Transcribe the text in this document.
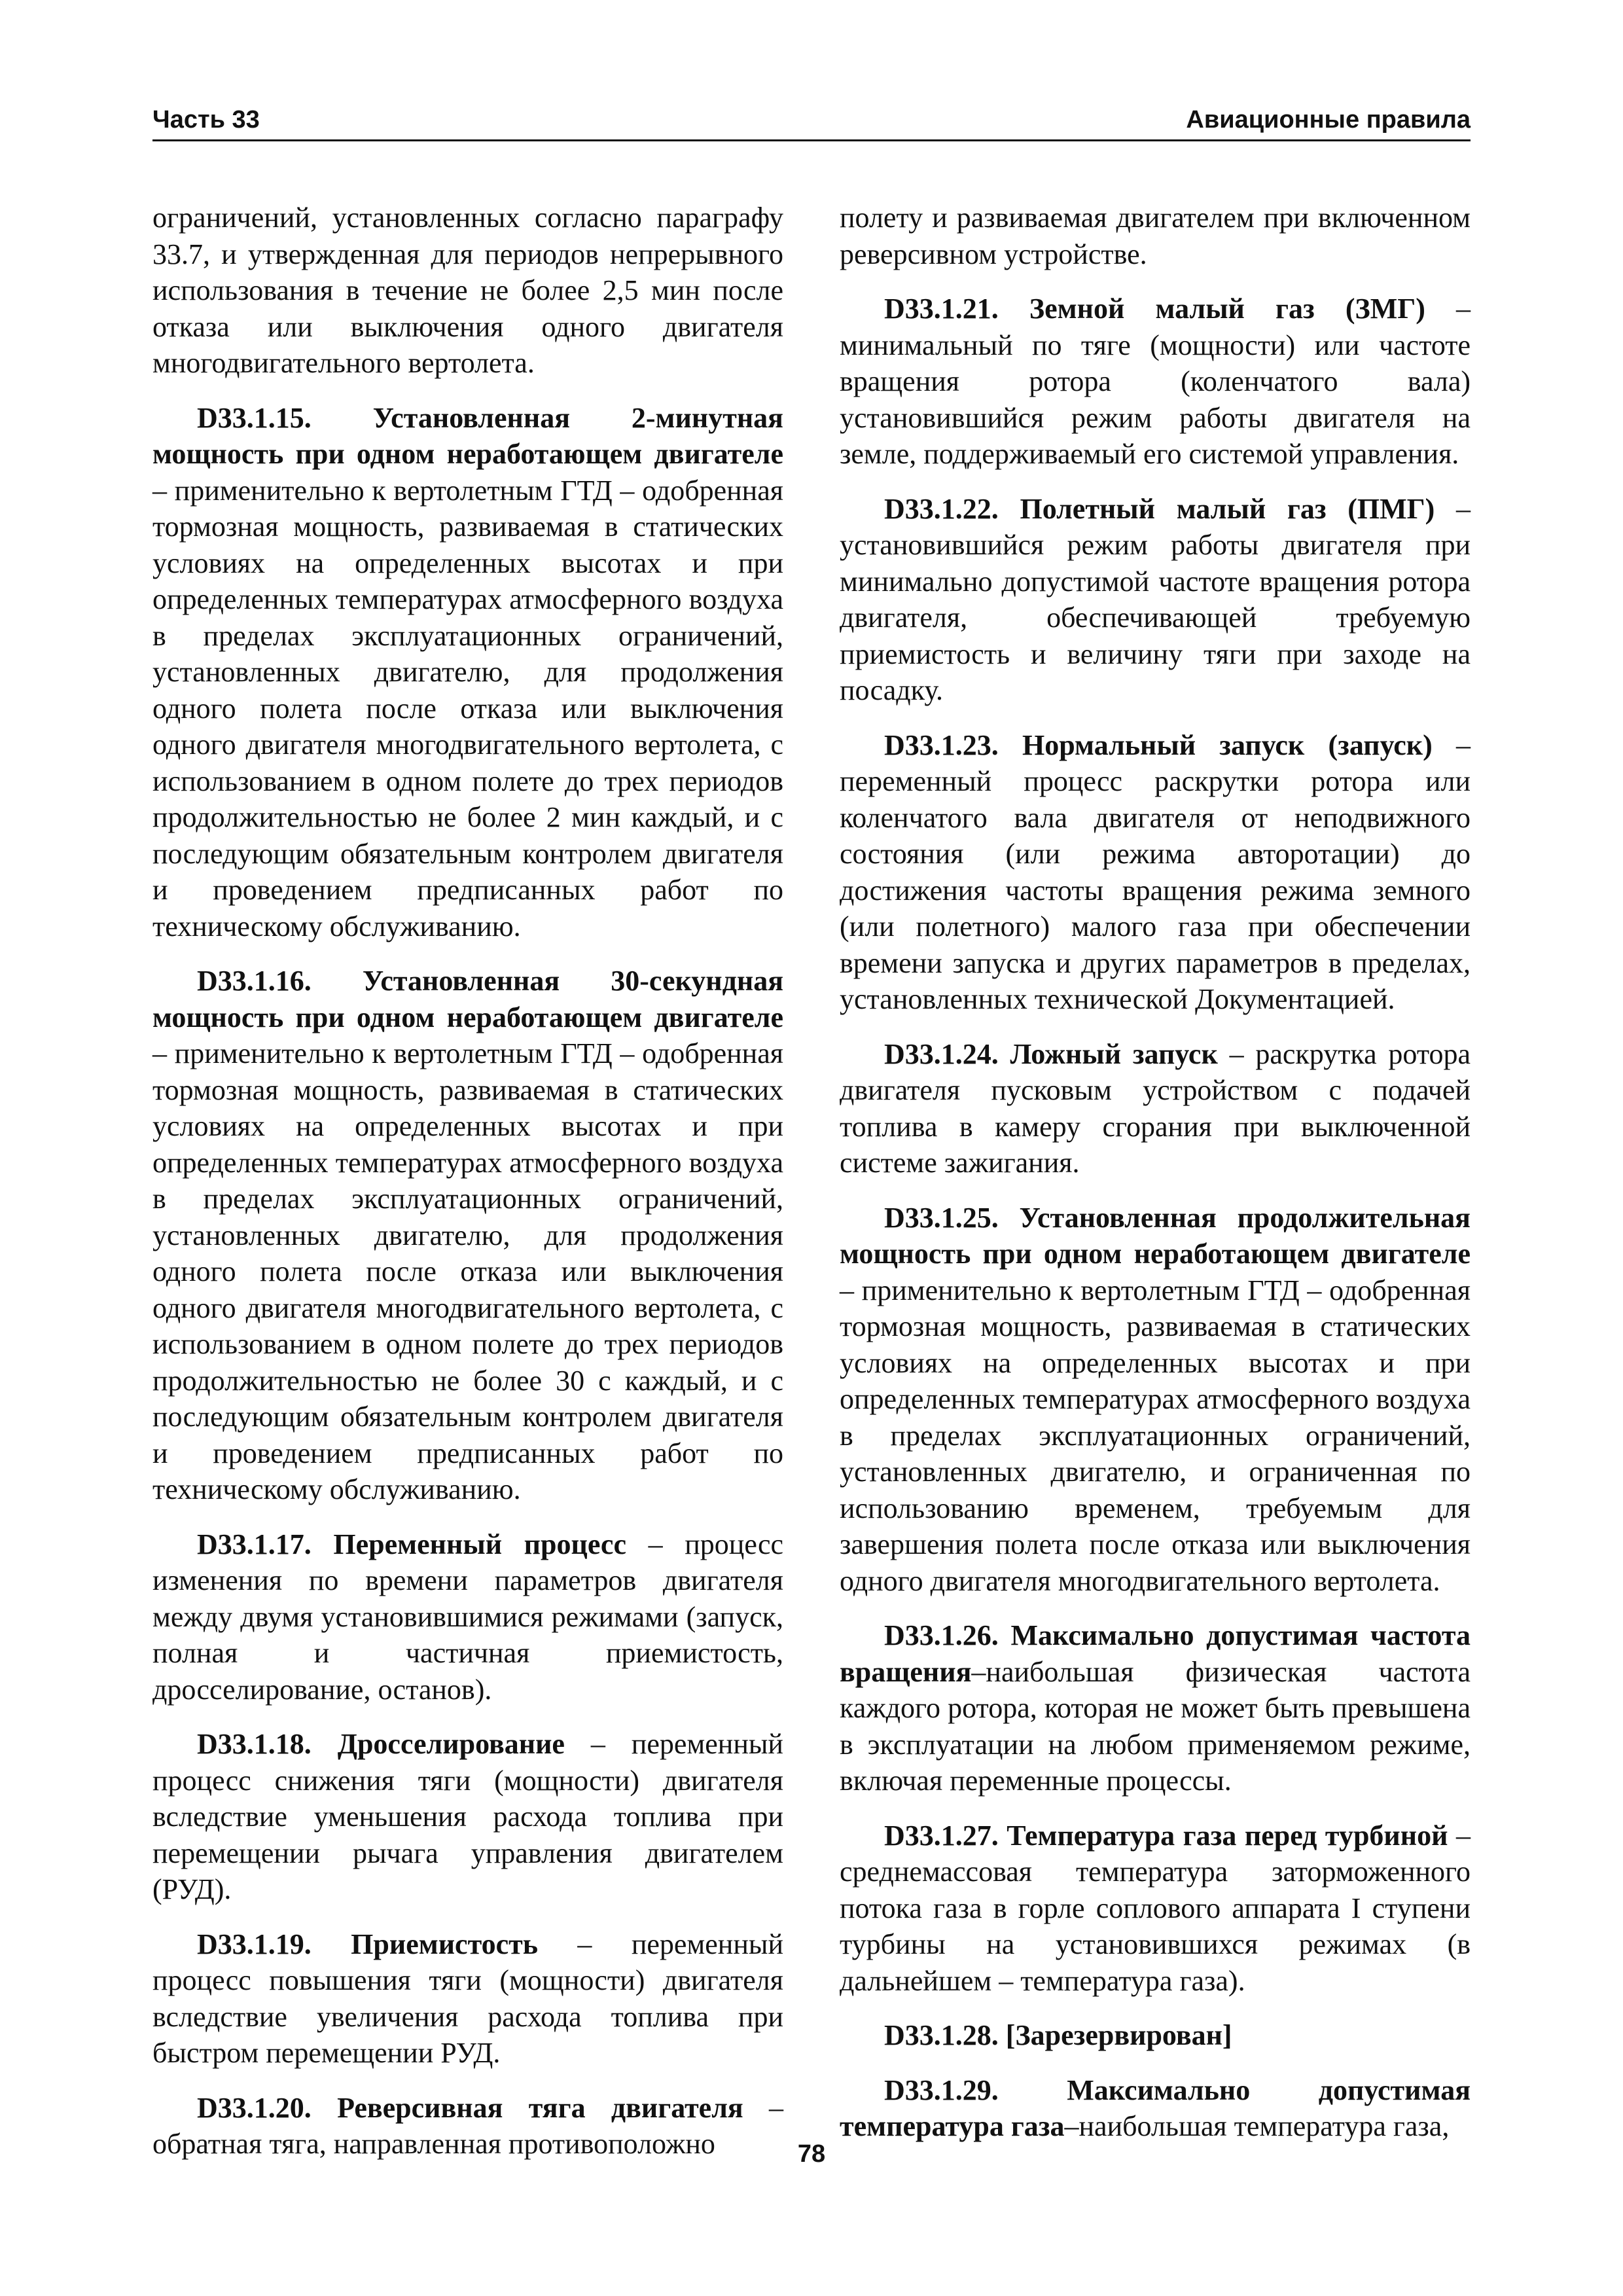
Часть 33	Авиационные правила

ограничений, установленных согласно параграфу 33.7, и утвержденная для периодов непрерывного использования в течение не более 2,5 мин после отказа или выключения одного двигателя многодвигательного вертолета.

D33.1.15. Установленная 2-минутная мощность при одном неработающем двигателе – применительно к вертолетным ГТД – одобренная тормозная мощность, развиваемая в статических условиях на определенных высотах и при определенных температурах атмосферного воздуха в пределах эксплуатационных ограничений, установленных двигателю, для продолжения одного полета после отказа или выключения одного двигателя многодвигательного вертолета, с использованием в одном полете до трех периодов продолжительностью не более 2 мин каждый, и с последующим обязательным контролем двигателя и проведением предписанных работ по техническому обслуживанию.

D33.1.16. Установленная 30-секундная мощность при одном неработающем двигателе – применительно к вертолетным ГТД – одобренная тормозная мощность, развиваемая в статических условиях на определенных высотах и при определенных температурах атмосферного воздуха в пределах эксплуатационных ограничений, установленных двигателю, для продолжения одного полета после отказа или выключения одного двигателя многодвигательного вертолета, с использованием в одном полете до трех периодов продолжительностью не более 30 с каждый, и с последующим обязательным контролем двигателя и проведением предписанных работ по техническому обслуживанию.

D33.1.17. Переменный процесс – процесс изменения по времени параметров двигателя между двумя установившимися режимами (запуск, полная и частичная приемистость, дросселирование, останов).

D33.1.18. Дросселирование – переменный процесс снижения тяги (мощности) двигателя вследствие уменьшения расхода топлива при перемещении рычага управления двигателем (РУД).

D33.1.19. Приемистость – переменный процесс повышения тяги (мощности) двигателя вследствие увеличения расхода топлива при быстром перемещении РУД.

D33.1.20. Реверсивная тяга двигателя – обратная тяга, направленная противоположно

полету и развиваемая двигателем при включенном реверсивном устройстве.

D33.1.21. Земной малый газ (ЗМГ) – минимальный по тяге (мощности) или частоте вращения ротора (коленчатого вала) установившийся режим работы двигателя на земле, поддерживаемый его системой управления.

D33.1.22. Полетный малый газ (ПМГ) – установившийся режим работы двигателя при минимально допустимой частоте вращения ротора двигателя, обеспечивающей требуемую приемистость и величину тяги при заходе на посадку.

D33.1.23. Нормальный запуск (запуск) – переменный процесс раскрутки ротора или коленчатого вала двигателя от неподвижного состояния (или режима авторотации) до достижения частоты вращения режима земного (или полетного) малого газа при обеспечении времени запуска и других параметров в пределах, установленных технической Документацией.

D33.1.24. Ложный запуск – раскрутка ротора двигателя пусковым устройством с подачей топлива в камеру сгорания при выключенной системе зажигания.

D33.1.25. Установленная продолжительная мощность при одном неработающем двигателе – применительно к вертолетным ГТД – одобренная тормозная мощность, развиваемая в статических условиях на определенных высотах и при определенных температурах атмосферного воздуха в пределах эксплуатационных ограничений, установленных двигателю, и ограниченная по использованию временем, требуемым для завершения полета после отказа или выключения одного двигателя многодвигательного вертолета.

D33.1.26. Максимально допустимая частота вращения–наибольшая физическая частота каждого ротора, которая не может быть превышена в эксплуатации на любом применяемом режиме, включая переменные процессы.

D33.1.27. Температура газа перед турбиной – среднемассовая температура заторможенного потока газа в горле соплового аппарата I ступени турбины на установившихся режимах (в дальнейшем – температура газа).

D33.1.28. [Зарезервирован]

D33.1.29. Максимально допустимая температура газа–наибольшая температура газа,

78
